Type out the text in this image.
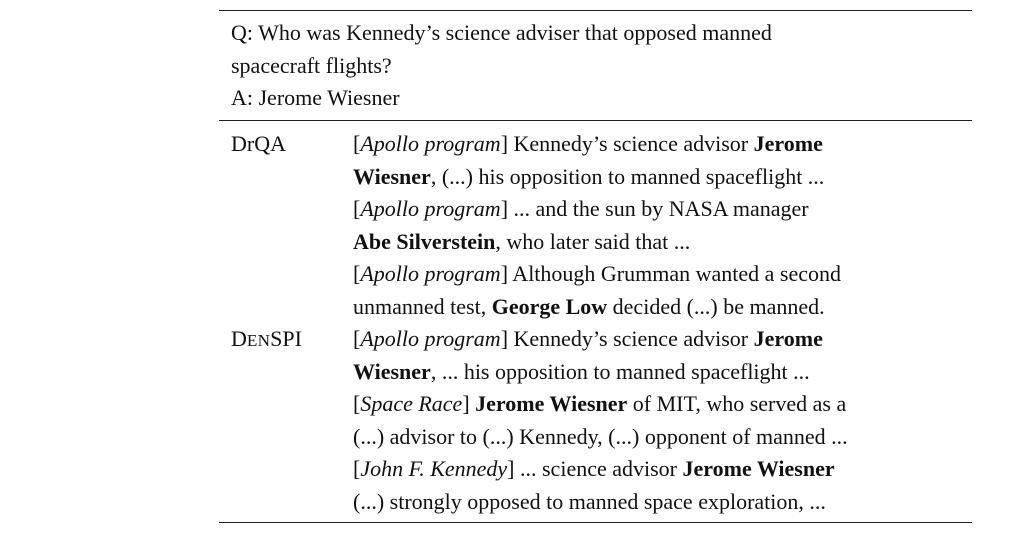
Q: Who was Kennedy’s science adviser that opposed manned
spacecraft flights?
A: Jerome Wiesner
DrQA	[Apollo program] Kennedy’s science advisor Jerome
Wiesner, (...) his opposition to manned spaceflight ...
[Apollo program] ... and the sun by NASA manager
Abe Silverstein, who later said that ...
[Apollo program] Although Grumman wanted a second
unmanned test, George Low decided (...) be manned.
DENSPI [Apollo program] Kennedy’s science advisor Jerome
Wiesner, ... his opposition to manned spaceflight ...
[Space Race] Jerome Wiesner of MIT, who served as a
(...) advisor to (...) Kennedy, (...) opponent of manned ...
[John F. Kennedy] ... science advisor Jerome Wiesner
(...) strongly opposed to manned space exploration, ...
